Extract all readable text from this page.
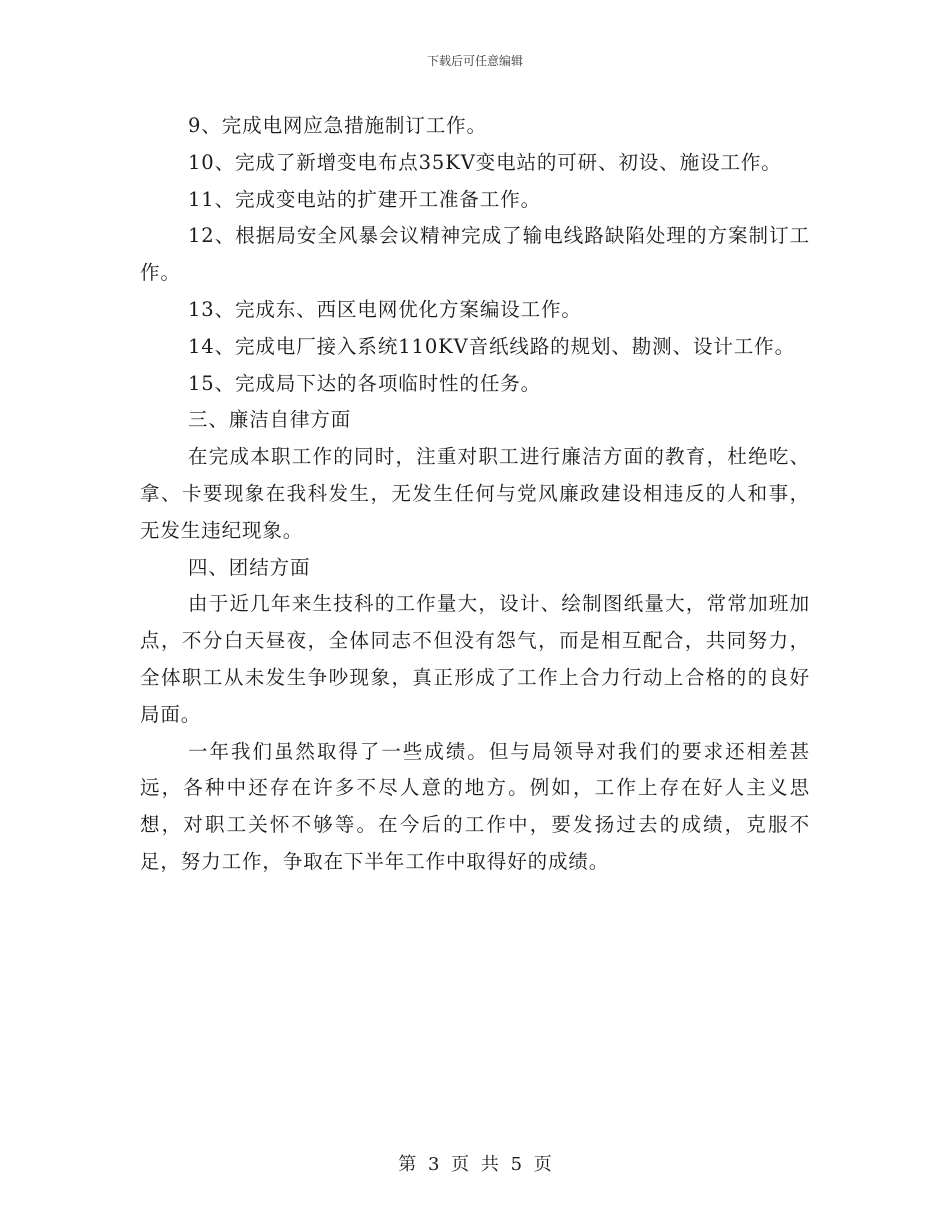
下载后可任意编辑

9、完成电网应急措施制订工作。

10、完成了新增变电布点35KV变电站的可研、初设、施设工作。

11、完成变电站的扩建开工准备工作。

12、根据局安全风暴会议精神完成了输电线路缺陷处理的方案制订工作。

13、完成东、西区电网优化方案编设工作。

14、完成电厂接入系统110KV音纸线路的规划、勘测、设计工作。

15、完成局下达的各项临时性的任务。

三、廉洁自律方面

在完成本职工作的同时，注重对职工进行廉洁方面的教育，杜绝吃、拿、卡要现象在我科发生，无发生任何与党风廉政建设相违反的人和事，无发生违纪现象。

四、团结方面

由于近几年来生技科的工作量大，设计、绘制图纸量大，常常加班加点，不分白天昼夜，全体同志不但没有怨气，而是相互配合，共同努力，全体职工从未发生争吵现象，真正形成了工作上合力行动上合格的的良好局面。

一年我们虽然取得了一些成绩。但与局领导对我们的要求还相差甚远，各种中还存在许多不尽人意的地方。例如，工作上存在好人主义思想，对职工关怀不够等。在今后的工作中，要发扬过去的成绩，克服不足，努力工作，争取在下半年工作中取得好的成绩。

第 3 页 共 5 页
